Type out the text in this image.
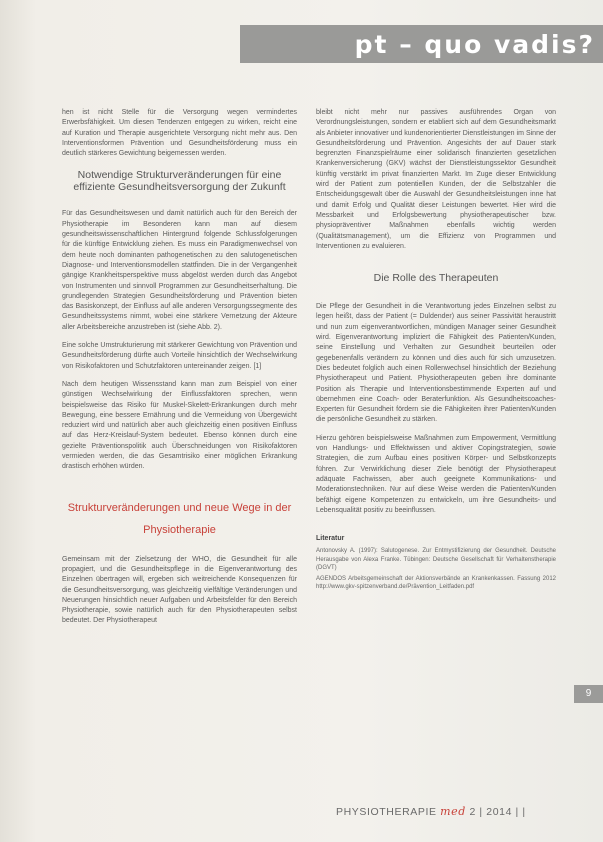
pt – quo vadis?

hen ist nicht Stelle für die Versorgung wegen vermindertes Erwerbsfähigkeit. Um diesen Tendenzen entgegen zu wirken, reicht eine auf Kuration und Therapie ausgerichtete Versorgung nicht mehr aus. Den Interventionsformen Prävention und Gesundheitsförderung muss ein deutlich stärkeres Gewichtung beigemessen werden.

Notwendige Strukturveränderungen für eine effiziente Gesundheitsversorgung der Zukunft

Für das Gesundheitswesen und damit natürlich auch für den Bereich der Physiotherapie im Besonderen kann man auf diesem gesundheitswissenschaftlichen Hintergrund folgende Schlussfolgerungen für die künftige Entwicklung ziehen. Es muss ein Paradigmenwechsel von dem heute noch dominanten pathogenetischen zu den salutogenetischen Diagnose- und Interventionsmodellen stattfinden. Die in der Vergangenheit gängige Krankheitsperspektive muss abgelöst werden durch das Angebot von Instrumenten und sinnvoll Programmen zur Gesundheitserhaltung. Die grundlegenden Strategien Gesundheitsförderung und Prävention bieten das Basiskonzept, der Einfluss auf alle anderen Versorgungssegmente des Gesundheitssystems nimmt, wobei eine stärkere Vernetzung der Akteure aller Arbeitsbereiche anzustreben ist (siehe Abb. 2).

Eine solche Umstrukturierung mit stärkerer Gewichtung von Prävention und Gesundheitsförderung dürfte auch Vorteile hinsichtlich der Wechselwirkung von Risikofaktoren und Schutzfaktoren untereinander zeigen. [1]

Nach dem heutigen Wissensstand kann man zum Beispiel von einer günstigen Wechselwirkung der Einflussfaktoren sprechen, wenn beispielsweise das Risiko für Muskel-Skelett-Erkrankungen durch mehr Bewegung, eine bessere Ernährung und die Vermeidung von Übergewicht reduziert wird und natürlich aber auch gleichzeitig einen positiven Einfluss auf das Herz-Kreislauf-System bedeutet. Ebenso können durch eine gezielte Präventionspolitik auch Überschneidungen von Risikofaktoren vermieden werden, die das Gesamtrisiko einer möglichen Erkrankung drastisch erhöhen würden.

Strukturveränderungen und neue Wege in der Physiotherapie

Gemeinsam mit der Zielsetzung der WHO, die Gesundheit für alle propagiert, und die Gesundheitspflege in die Eigenverantwortung des Einzelnen übertragen will, ergeben sich weitreichende Konsequenzen für die Gesundheitsversorgung, was gleichzeitig vielfältige Veränderungen und Neuerungen hinsichtlich neuer Aufgaben und Arbeitsfelder für den Bereich Physiotherapie, sowie natürlich auch für den Physiotherapeuten selbst bedeutet. Der Physiotherapeut

bleibt nicht mehr nur passives ausführendes Organ von Verordnungsleistungen, sondern er etabliert sich auf dem Gesundheitsmarkt als Anbieter innovativer und kundenorientierter Dienstleistungen im Sinne der Gesundheitsförderung und Prävention. Angesichts der auf Dauer stark begrenzten Finanzspielräume einer solidarisch finanzierten gesetzlichen Krankenversicherung (GKV) wächst der Dienstleistungssektor Gesundheit künftig verstärkt im privat finanzierten Markt. Im Zuge dieser Entwicklung wird der Patient zum potentiellen Kunden, der die Selbstzahler die Entscheidungsgewalt über die Auswahl der Gesundheitsleistungen inne hat und damit Erfolg und Qualität dieser Leistungen bewertet. Hier wird die Messbarkeit und Erfolgsbewertung physiotherapeutischer bzw. physiopräventiver Maßnahmen ebenfalls wichtig werden (Qualitätsmanagement), um die Effizienz von Programmen und Interventionen zu evaluieren.

Die Rolle des Therapeuten

Die Pflege der Gesundheit in die Verantwortung jedes Einzelnen selbst zu legen heißt, dass der Patient (= Duldender) aus seiner Passivität heraustritt und nun zum eigenverantwortlichen, mündigen Manager seiner Gesundheit wird. Eigenverantwortung impliziert die Fähigkeit des Patienten/Kunden, seine Einstellung und Verhalten zur Gesundheit beurteilen oder gegebenenfalls verändern zu können und dies auch für sich umzusetzen. Dies bedeutet folglich auch einen Rollenwechsel hinsichtlich der Beziehung Physiotherapeut und Patient. Physiotherapeuten geben ihre dominante Position als Therapie und Interventionsbestimmende Experten auf und übernehmen eine Coach- oder Beraterfunktion. Als Gesundheitscoaches-Experten für Gesundheit fördern sie die Fähigkeiten ihrer Patienten/Kunden die persönliche Gesundheit zu stärken.

Hierzu gehören beispielsweise Maßnahmen zum Empowerment, Vermittlung von Handlungs- und Effektwissen und aktiver Copingstrategien, sowie Strategien, die zum Aufbau eines positiven Körper- und Selbstkonzepts führen. Zur Verwirklichung dieser Ziele benötigt der Physiotherapeut adäquate Fachwissen, aber auch geeignete Kommunikations- und Moderationstechniken. Nur auf diese Weise werden die Patienten/Kunden befähigt eigene Kompetenzen zu entwickeln, um ihre Gesundheits- und Lebensqualität positiv zu beeinflussen.

Literatur
Antonovsky A. (1997): Salutogenese. Zur Entmystifizierung der Gesundheit. Deutsche Herausgabe von Alexa Franke. Tübingen: Deutsche Gesellschaft für Verhaltenstherapie (DGVT)
AGENDOS Arbeitsgemeinschaft der Aktionsverbände an Krankenkassen. Fassung 2012 http://www.gkv-spitzenverband.de/Prävention_Leitfaden.pdf
9
PHYSIOTHERAPIE med 2 | 2014 | |
